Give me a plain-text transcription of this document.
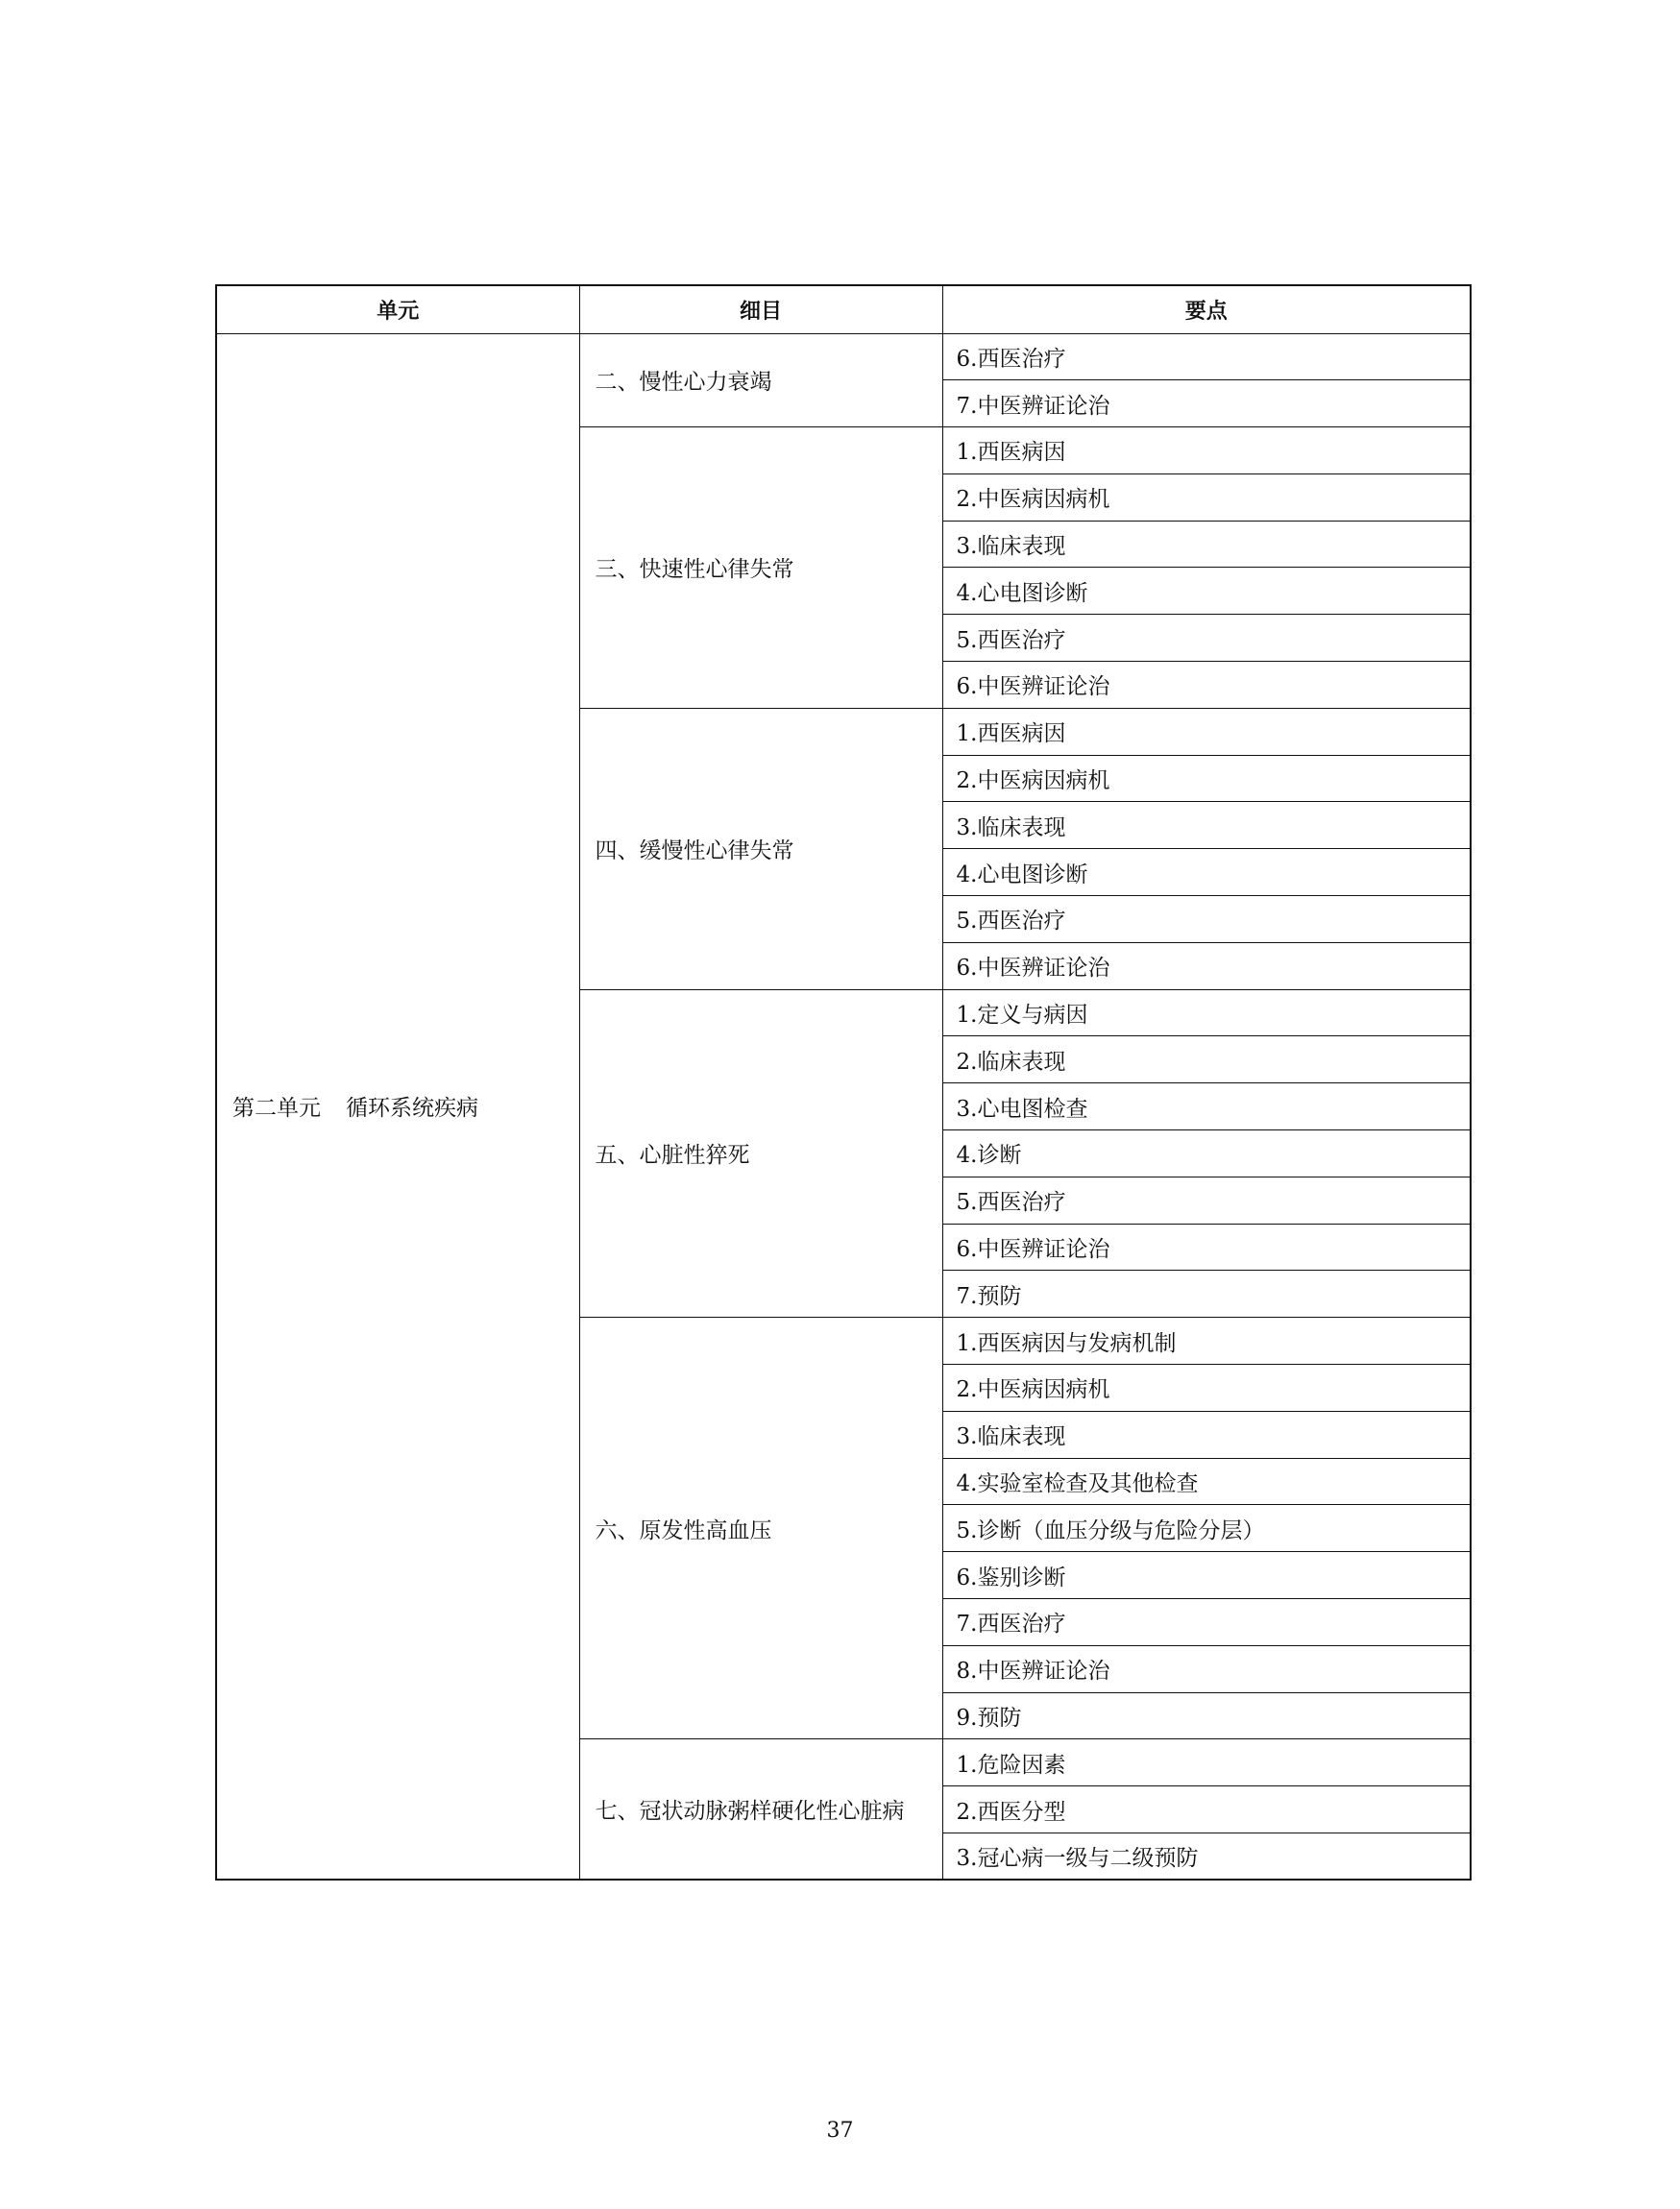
单元	细目	要点
第二单元 循环系统疾病	二、慢性心力衰竭	6.西医治疗
		7.中医辨证论治
	三、快速性心律失常	1.西医病因
		2.中医病因病机
		3.临床表现
		4.心电图诊断
		5.西医治疗
		6.中医辨证论治
	四、缓慢性心律失常	1.西医病因
		2.中医病因病机
		3.临床表现
		4.心电图诊断
		5.西医治疗
		6.中医辨证论治
	五、心脏性猝死	1.定义与病因
		2.临床表现
		3.心电图检查
		4.诊断
		5.西医治疗
		6.中医辨证论治
		7.预防
	六、原发性高血压	1.西医病因与发病机制
		2.中医病因病机
		3.临床表现
		4.实验室检查及其他检查
		5.诊断（血压分级与危险分层）
		6.鉴别诊断
		7.西医治疗
		8.中医辨证论治
		9.预防
	七、冠状动脉粥样硬化性心脏病	1.危险因素
		2.西医分型
		3.冠心病一级与二级预防
37
